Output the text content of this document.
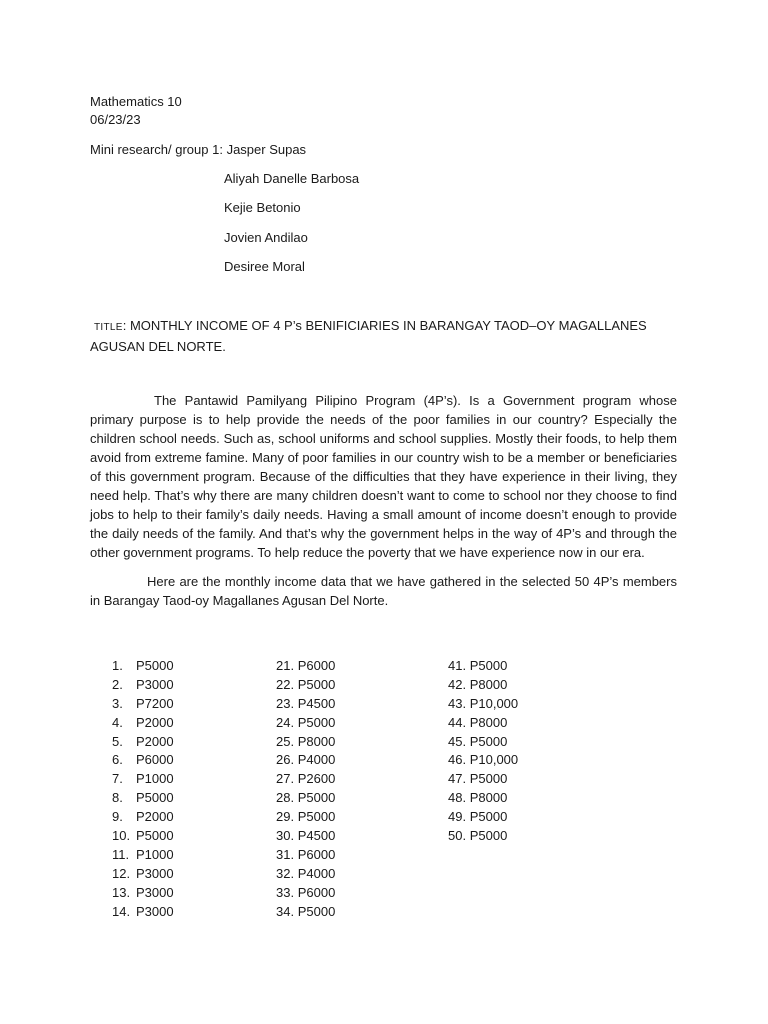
Mathematics 10
06/23/23
Mini research/ group 1: Jasper Supas
Aliyah Danelle Barbosa
Kejie Betonio
Jovien Andilao
Desiree Moral
TITLE: MONTHLY INCOME OF 4 P’s BENIFICIARIES IN BARANGAY TAOD–OY MAGALLANES AGUSAN DEL NORTE.
The Pantawid Pamilyang Pilipino Program (4P’s). Is a Government program whose primary purpose is to help provide the needs of the poor families in our country? Especially the children school needs. Such as, school uniforms and school supplies. Mostly their foods, to help them avoid from extreme famine. Many of poor families in our country wish to be a member or beneficiaries of this government program. Because of the difficulties that they have experience in their living, they need help. That’s why there are many children doesn’t want to come to school nor they choose to find jobs to help to their family’s daily needs. Having a small amount of income doesn’t enough to provide the daily needs of the family. And that’s why the government helps in the way of 4P’s and through the other government programs. To help reduce the poverty that we have experience now in our era.
Here are the monthly income data that we have gathered in the selected 50 4P’s members in Barangay Taod-oy Magallanes Agusan Del Norte.
1. P5000
2. P3000
3. P7200
4. P2000
5. P2000
6. P6000
7. P1000
8. P5000
9. P2000
10. P5000
11. P1000
12. P3000
13. P3000
14. P3000
21. P6000
22. P5000
23. P4500
24. P5000
25. P8000
26. P4000
27. P2600
28. P5000
29. P5000
30. P4500
31. P6000
32. P4000
33. P6000
34. P5000
41. P5000
42. P8000
43. P10,000
44. P8000
45. P5000
46. P10,000
47. P5000
48. P8000
49. P5000
50. P5000
